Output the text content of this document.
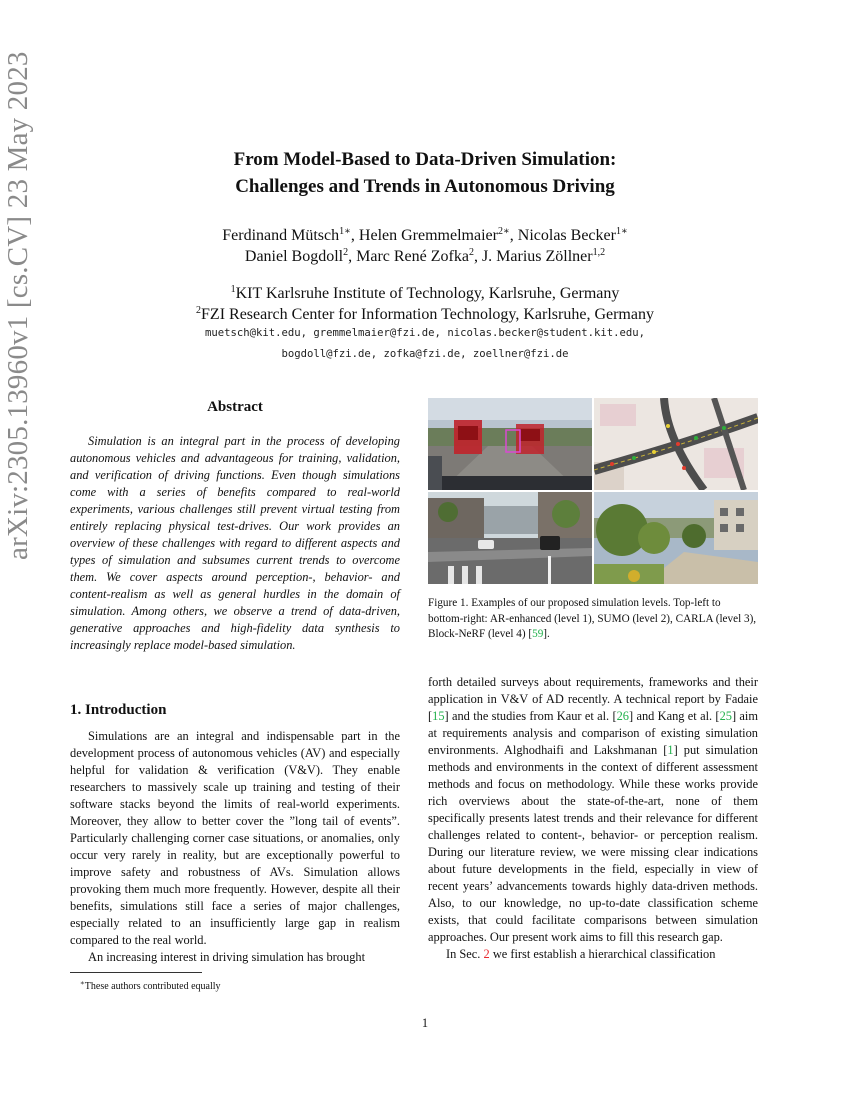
arXiv:2305.13960v1 [cs.CV] 23 May 2023	From Model-Based to Data-Driven Simulation:
Challenges and Trends in Autonomous Driving
Ferdinand Mütsch$^{1∗}$, Helen Gremmelmaier$^{2∗}$, Nicolas Becker$^{1∗}$
Daniel Bogdoll$^2$, Marc René Zofka$^2$, J. Marius Zöllner$^{1,2}$
$^1$KIT Karlsruhe Institute of Technology, Karlsruhe, Germany
$^2$FZI Research Center for Information Technology, Karlsruhe, Germany
muetsch@kit.edu, gremmelmaier@fzi.de, nicolas.becker@student.kit.edu,
bogdoll@fzi.de, zofka@fzi.de, zoellner@fzi.de
Abstract

Simulation is an integral part in the process of developing autonomous vehicles and advantageous for training, validation, and verification of driving functions. Even though simulations come with a series of benefits compared to real-world experiments, various challenges still prevent virtual testing from entirely replacing physical test-drives. Our work provides an overview of these challenges with regard to different aspects and types of simulation and subsumes current trends to overcome them. We cover aspects around perception-, behavior- and content-realism as well as general hurdles in the domain of simulation. Among others, we observe a trend of data-driven, generative approaches and high-fidelity data synthesis to increasingly replace model-based simulation.

1. Introduction

Simulations are an integral and indispensable part in the development process of autonomous vehicles (AV) and especially helpful for validation & verification (V&V). They enable researchers to massively scale up training and testing of their software stacks beyond the limits of real-world experiments. Moreover, they allow to better cover the ”long tail of events”. Particularly challenging corner case situations, or anomalies, only occur very rarely in reality, but are exceptionally powerful to improve safety and robustness of AVs. Simulation allows provoking them much more frequently. However, despite all their benefits, simulations still face a series of major challenges, especially related to an insufficiently large gap in realism compared to the real world.

An increasing interest in driving simulation has brought

∗These authors contributed equally
Figure 1. Examples of our proposed simulation levels. Top-left to bottom-right: AR-enhanced (level 1), SUMO (level 2), CARLA (level 3), Block-NeRF (level 4) [59].

forth detailed surveys about requirements, frameworks and their application in V&V of AD recently. A technical report by Fadaie [15] and the studies from Kaur et al. [26] and Kang et al. [25] aim at requirements analysis and comparison of existing simulation environments. Alghodhaifi and Lakshmanan [1] put simulation methods and environments in the context of different assessment methods and focus on methodology. While these works provide rich overviews about the state-of-the-art, none of them specifically presents latest trends and their relevance for different challenges related to content-, behavior- or perception realism. During our literature review, we were missing clear indications about future developments in the field, especially in view of recent years’ advancements towards highly data-driven methods. Also, to our knowledge, no up-to-date classification scheme exists, that could facilitate comparisons between simulation approaches. Our present work aims to fill this research gap.

In Sec. 2 we first establish a hierarchical classification

1
